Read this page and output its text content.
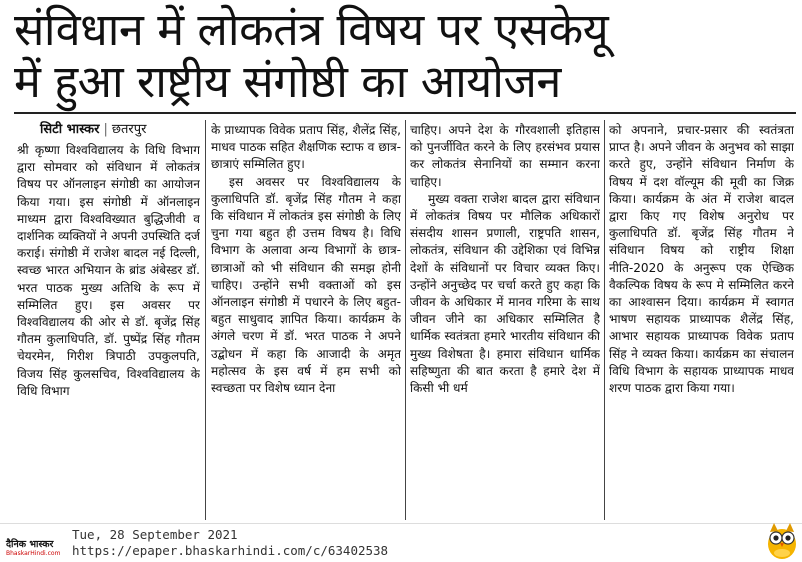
संविधान में लोकतंत्र विषय पर एसकेयू
में हुआ राष्ट्रीय संगोष्ठी का आयोजन
सिटी भास्कर | छतरपुर

श्री कृष्णा विश्वविद्यालय के विधि विभाग द्वारा सोमवार को संविधान में लोकतंत्र विषय पर ऑनलाइन संगोष्ठी का आयोजन किया गया। इस संगोष्ठी में ऑनलाइन माध्यम द्वारा विश्वविख्यात बुद्धिजीवी व दार्शनिक व्यक्तियों ने अपनी उपस्थिति दर्ज कराई। संगोष्ठी में राजेश बादल नई दिल्ली, स्वच्छ भारत अभियान के ब्रांड अंबेस्डर डॉ. भरत पाठक मुख्य अतिथि के रूप में सम्मिलित हुए। इस अवसर पर विश्वविद्यालय की ओर से डॉ. बृजेंद्र सिंह गौतम कुलाधिपति, डॉ. पुष्पेंद्र सिंह गौतम चेयरमेन, गिरीश त्रिपाठी उपकुलपति, विजय सिंह कुलसचिव, विश्वविद्यालय के विधि विभाग

के प्राध्यापक विवेक प्रताप सिंह, शैलेंद्र सिंह, माधव पाठक सहित शैक्षणिक स्टाफ व छात्र-छात्राएं सम्मिलित हुए।

इस अवसर पर विश्वविद्यालय के कुलाधिपति डॉ. बृजेंद्र सिंह गौतम ने कहा कि संविधान में लोकतंत्र इस संगोष्ठी के लिए चुना गया बहुत ही उत्तम विषय है। विधि विभाग के अलावा अन्य विभागों के छात्र-छात्राओं को भी संविधान की समझ होनी चाहिए। उन्होंने सभी वक्ताओं को इस ऑनलाइन संगोष्ठी में पधारने के लिए बहुत-बहुत साधुवाद ज्ञापित किया। कार्यक्रम के अंगले चरण में डॉ. भरत पाठक ने अपने उद्बोधन में कहा कि आजादी के अमृत महोत्सव के इस वर्ष में हम सभी को स्वच्छता पर विशेष ध्यान देना

चाहिए। अपने देश के गौरवशाली इतिहास को पुनर्जीवित करने के लिए हरसंभव प्रयास कर लोकतंत्र सेनानियों का सम्मान करना चाहिए।

मुख्य वक्ता राजेश बादल द्वारा संविधान में लोकतंत्र विषय पर मौलिक अधिकारों संसदीय शासन प्रणाली, राष्ट्रपति शासन, लोकतंत्र, संविधान की उद्देशिका एवं विभिन्न देशों के संविधानों पर विचार व्यक्त किए। उन्होंने अनुच्छेद पर चर्चा करते हुए कहा कि जीवन के अधिकार में मानव गरिमा के साथ जीवन जीने का अधिकार सम्मिलित है धार्मिक स्वतंत्रता हमारे भारतीय संविधान की मुख्य विशेषता है। हमारा संविधान धार्मिक सहिष्णुता की बात करता है हमारे देश में किसी भी धर्म

को अपनाने, प्रचार-प्रसार की स्वतंत्रता प्राप्त है। अपने जीवन के अनुभव को साझा करते हुए, उन्होंने संविधान निर्माण के विषय में दश वॉल्यूम की मूवी का जिक्र किया। कार्यक्रम के अंत में राजेश बादल द्वारा किए गए विशेष अनुरोध पर कुलाधिपति डॉ. बृजेंद्र सिंह गौतम ने संविधान विषय को राष्ट्रीय शिक्षा नीति-2020 के अनुरूप एक ऐच्छिक वैकल्पिक विषय के रूप मे सम्मिलित करने का आश्वासन दिया। कार्यक्रम में स्वागत भाषण सहायक प्राध्यापक शैलेंद्र सिंह, आभार सहायक प्राध्यापक विवेक प्रताप सिंह ने व्यक्त किया। कार्यक्रम का संचालन विधि विभाग के सहायक प्राध्यापक माधव शरण पाठक द्वारा किया गया।

दैनिक भास्कर
BhaskarHindi.com
Tue, 28 September 2021
https://epaper.bhaskarhindi.com/c/63402538
